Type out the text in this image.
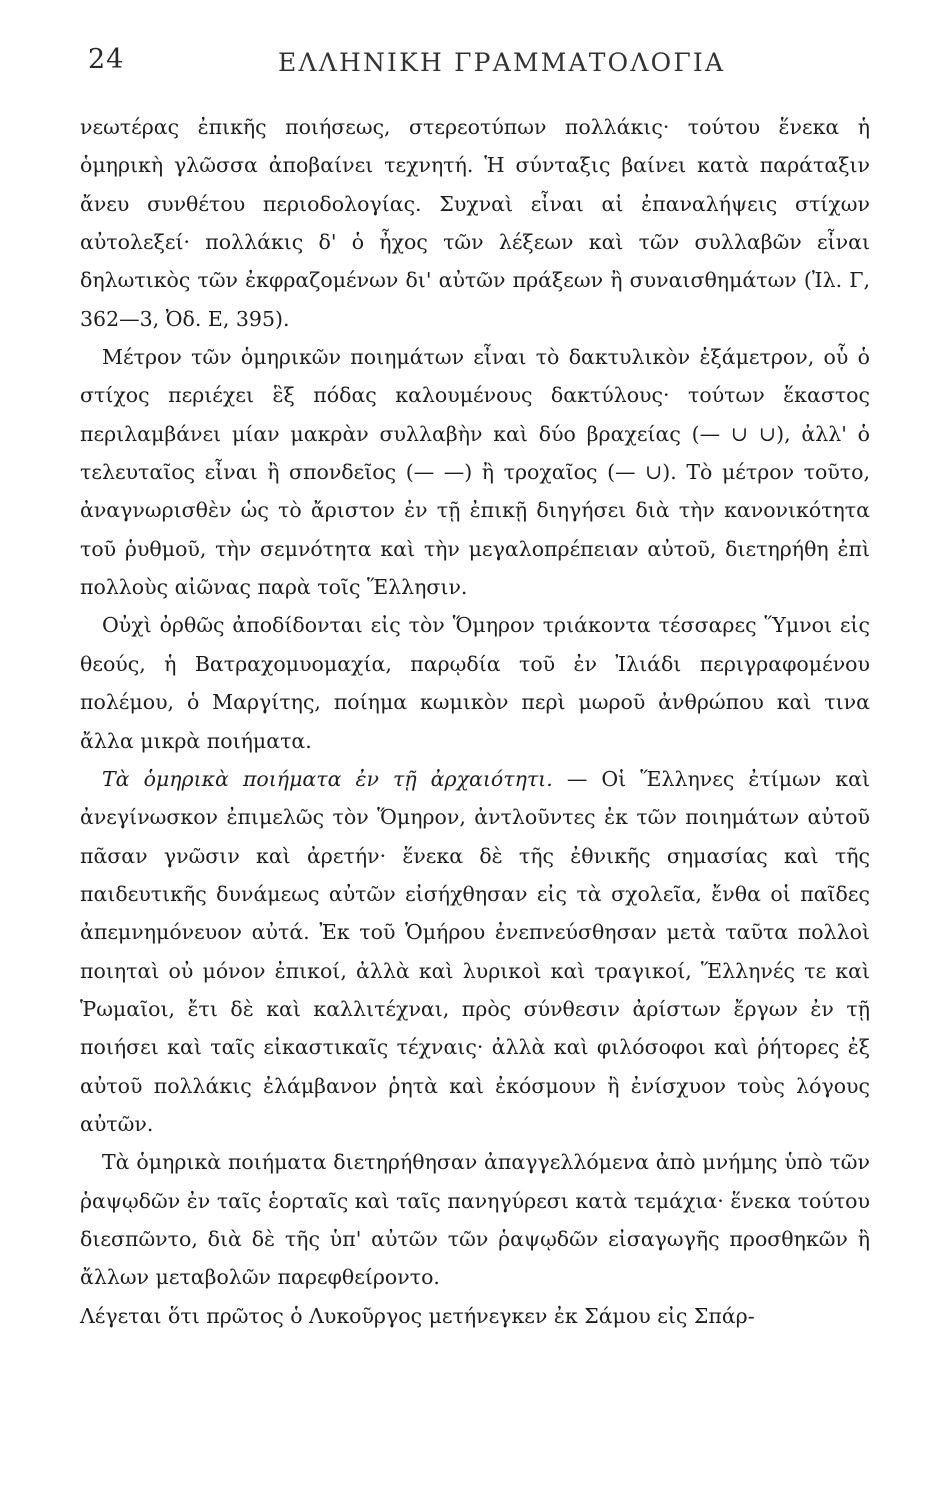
24	ΕΛΛΗΝΙΚΗ ΓΡΑΜΜΑΤΟΛΟΓΙΑ

νεωτέρας ἐπικῆς ποιήσεως, στερεοτύπων πολλάκις· τούτου ἕνεκα ἡ ὁμηρικὴ γλῶσσα ἀποβαίνει τεχνητή. Ἡ σύνταξις βαίνει κατὰ παράταξιν ἄνευ συνθέτου περιοδολογίας. Συχναὶ εἶναι αἱ ἐπαναλήψεις στίχων αὐτολεξεί· πολλάκις δ' ὁ ἦχος τῶν λέξεων καὶ τῶν συλλαβῶν εἶναι δηλωτικὸς τῶν ἐκφραζομένων δι' αὐτῶν πράξεων ἢ συναισθημάτων (Ἰλ. Γ, 362—3, Ὀδ. Ε, 395).

Μέτρον τῶν ὁμηρικῶν ποιημάτων εἶναι τὸ δακτυλικὸν ἑξάμετρον, οὗ ὁ στίχος περιέχει ἓξ πόδας καλουμένους δακτύλους· τούτων ἕκαστος περιλαμβάνει μίαν μακρὰν συλλαβὴν καὶ δύο βραχείας (— ∪ ∪), ἀλλ' ὁ τελευταῖος εἶναι ἢ σπονδεῖος (— —) ἢ τροχαῖος (— ∪). Τὸ μέτρον τοῦτο, ἀναγνωρισθὲν ὡς τὸ ἄριστον ἐν τῇ ἐπικῇ διηγήσει διὰ τὴν κανονικότητα τοῦ ῥυθμοῦ, τὴν σεμνότητα καὶ τὴν μεγαλοπρέπειαν αὐτοῦ, διετηρήθη ἐπὶ πολλοὺς αἰῶνας παρὰ τοῖς Ἕλλησιν.

Οὐχὶ ὀρθῶς ἀποδίδονται εἰς τὸν Ὅμηρον τριάκοντα τέσσαρες Ὕμνοι εἰς θεούς, ἡ Βατραχομυομαχία, παρῳδία τοῦ ἐν Ἰλιάδι περιγραφομένου πολέμου, ὁ Μαργίτης, ποίημα κωμικὸν περὶ μωροῦ ἀνθρώπου καὶ τινα ἄλλα μικρὰ ποιήματα.

Τὰ ὁμηρικὰ ποιήματα ἐν τῇ ἀρχαιότητι. — Οἱ Ἕλληνες ἐτίμων καὶ ἀνεγίνωσκον ἐπιμελῶς τὸν Ὅμηρον, ἀντλοῦντες ἐκ τῶν ποιημάτων αὐτοῦ πᾶσαν γνῶσιν καὶ ἀρετήν· ἕνεκα δὲ τῆς ἐθνικῆς σημασίας καὶ τῆς παιδευτικῆς δυνάμεως αὐτῶν εἰσήχθησαν εἰς τὰ σχολεῖα, ἔνθα οἱ παῖδες ἀπεμνημόνευον αὐτά. Ἐκ τοῦ Ὁμήρου ἐνεπνεύσθησαν μετὰ ταῦτα πολλοὶ ποιηταὶ οὐ μόνον ἐπικοί, ἀλλὰ καὶ λυρικοὶ καὶ τραγικοί, Ἕλληνές τε καὶ Ῥωμαῖοι, ἔτι δὲ καὶ καλλιτέχναι, πρὸς σύνθεσιν ἀρίστων ἔργων ἐν τῇ ποιήσει καὶ ταῖς εἰκαστικαῖς τέχναις· ἀλλὰ καὶ φιλόσοφοι καὶ ῥήτορες ἐξ αὐτοῦ πολλάκις ἐλάμβανον ῥητὰ καὶ ἐκόσμουν ἢ ἐνίσχυον τοὺς λόγους αὐτῶν.

Τὰ ὁμηρικὰ ποιήματα διετηρήθησαν ἀπαγγελλόμενα ἀπὸ μνήμης ὑπὸ τῶν ῥαψῳδῶν ἐν ταῖς ἑορταῖς καὶ ταῖς πανηγύρεσι κατὰ τεμάχια· ἕνεκα τούτου διεσπῶντο, διὰ δὲ τῆς ὑπ' αὐτῶν τῶν ῥαψῳδῶν εἰσαγωγῆς προσθηκῶν ἢ ἄλλων μεταβολῶν παρεφθείροντο.

Λέγεται ὅτι πρῶτος ὁ Λυκοῦργος μετήνεγκεν ἐκ Σάμου εἰς Σπάρ-
